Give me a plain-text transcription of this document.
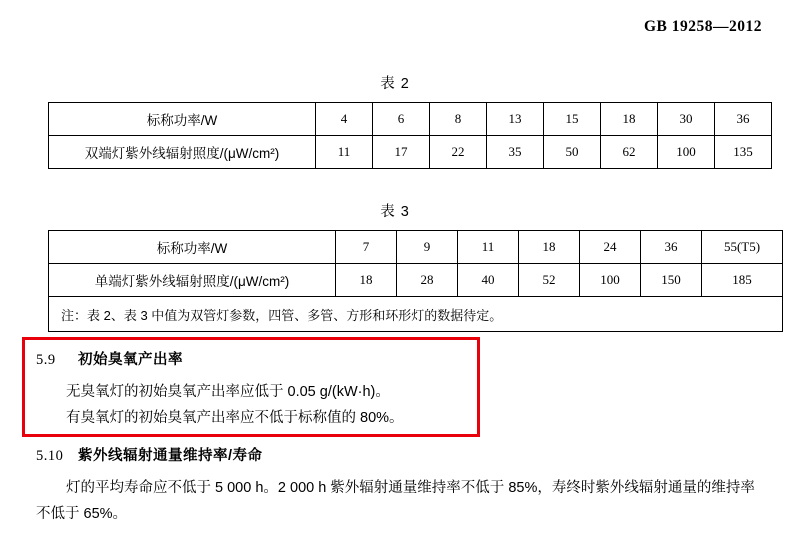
GB 19258—2012
表 2
标称功率/W	4	6	8	13	15	18	30	36
双端灯紫外线辐射照度/(μW/cm²)	11	17	22	35	50	62	100	135
表 3
标称功率/W	7	9	11	18	24	36	55(T5)
单端灯紫外线辐射照度/(μW/cm²)	18	28	40	52	100	150	185
注：表 2、表 3 中值为双管灯参数，四管、多管、方形和环形灯的数据待定。							
5.9 初始臭氧产出率
无臭氧灯的初始臭氧产出率应低于 0.05 g/(kW·h)。
有臭氧灯的初始臭氧产出率应不低于标称值的 80%。
5.10 紫外线辐射通量维持率/寿命
灯的平均寿命应不低于 5 000 h。2 000 h 紫外辐射通量维持率不低于 85%，寿终时紫外线辐射通量的维持率不低于 65%。
